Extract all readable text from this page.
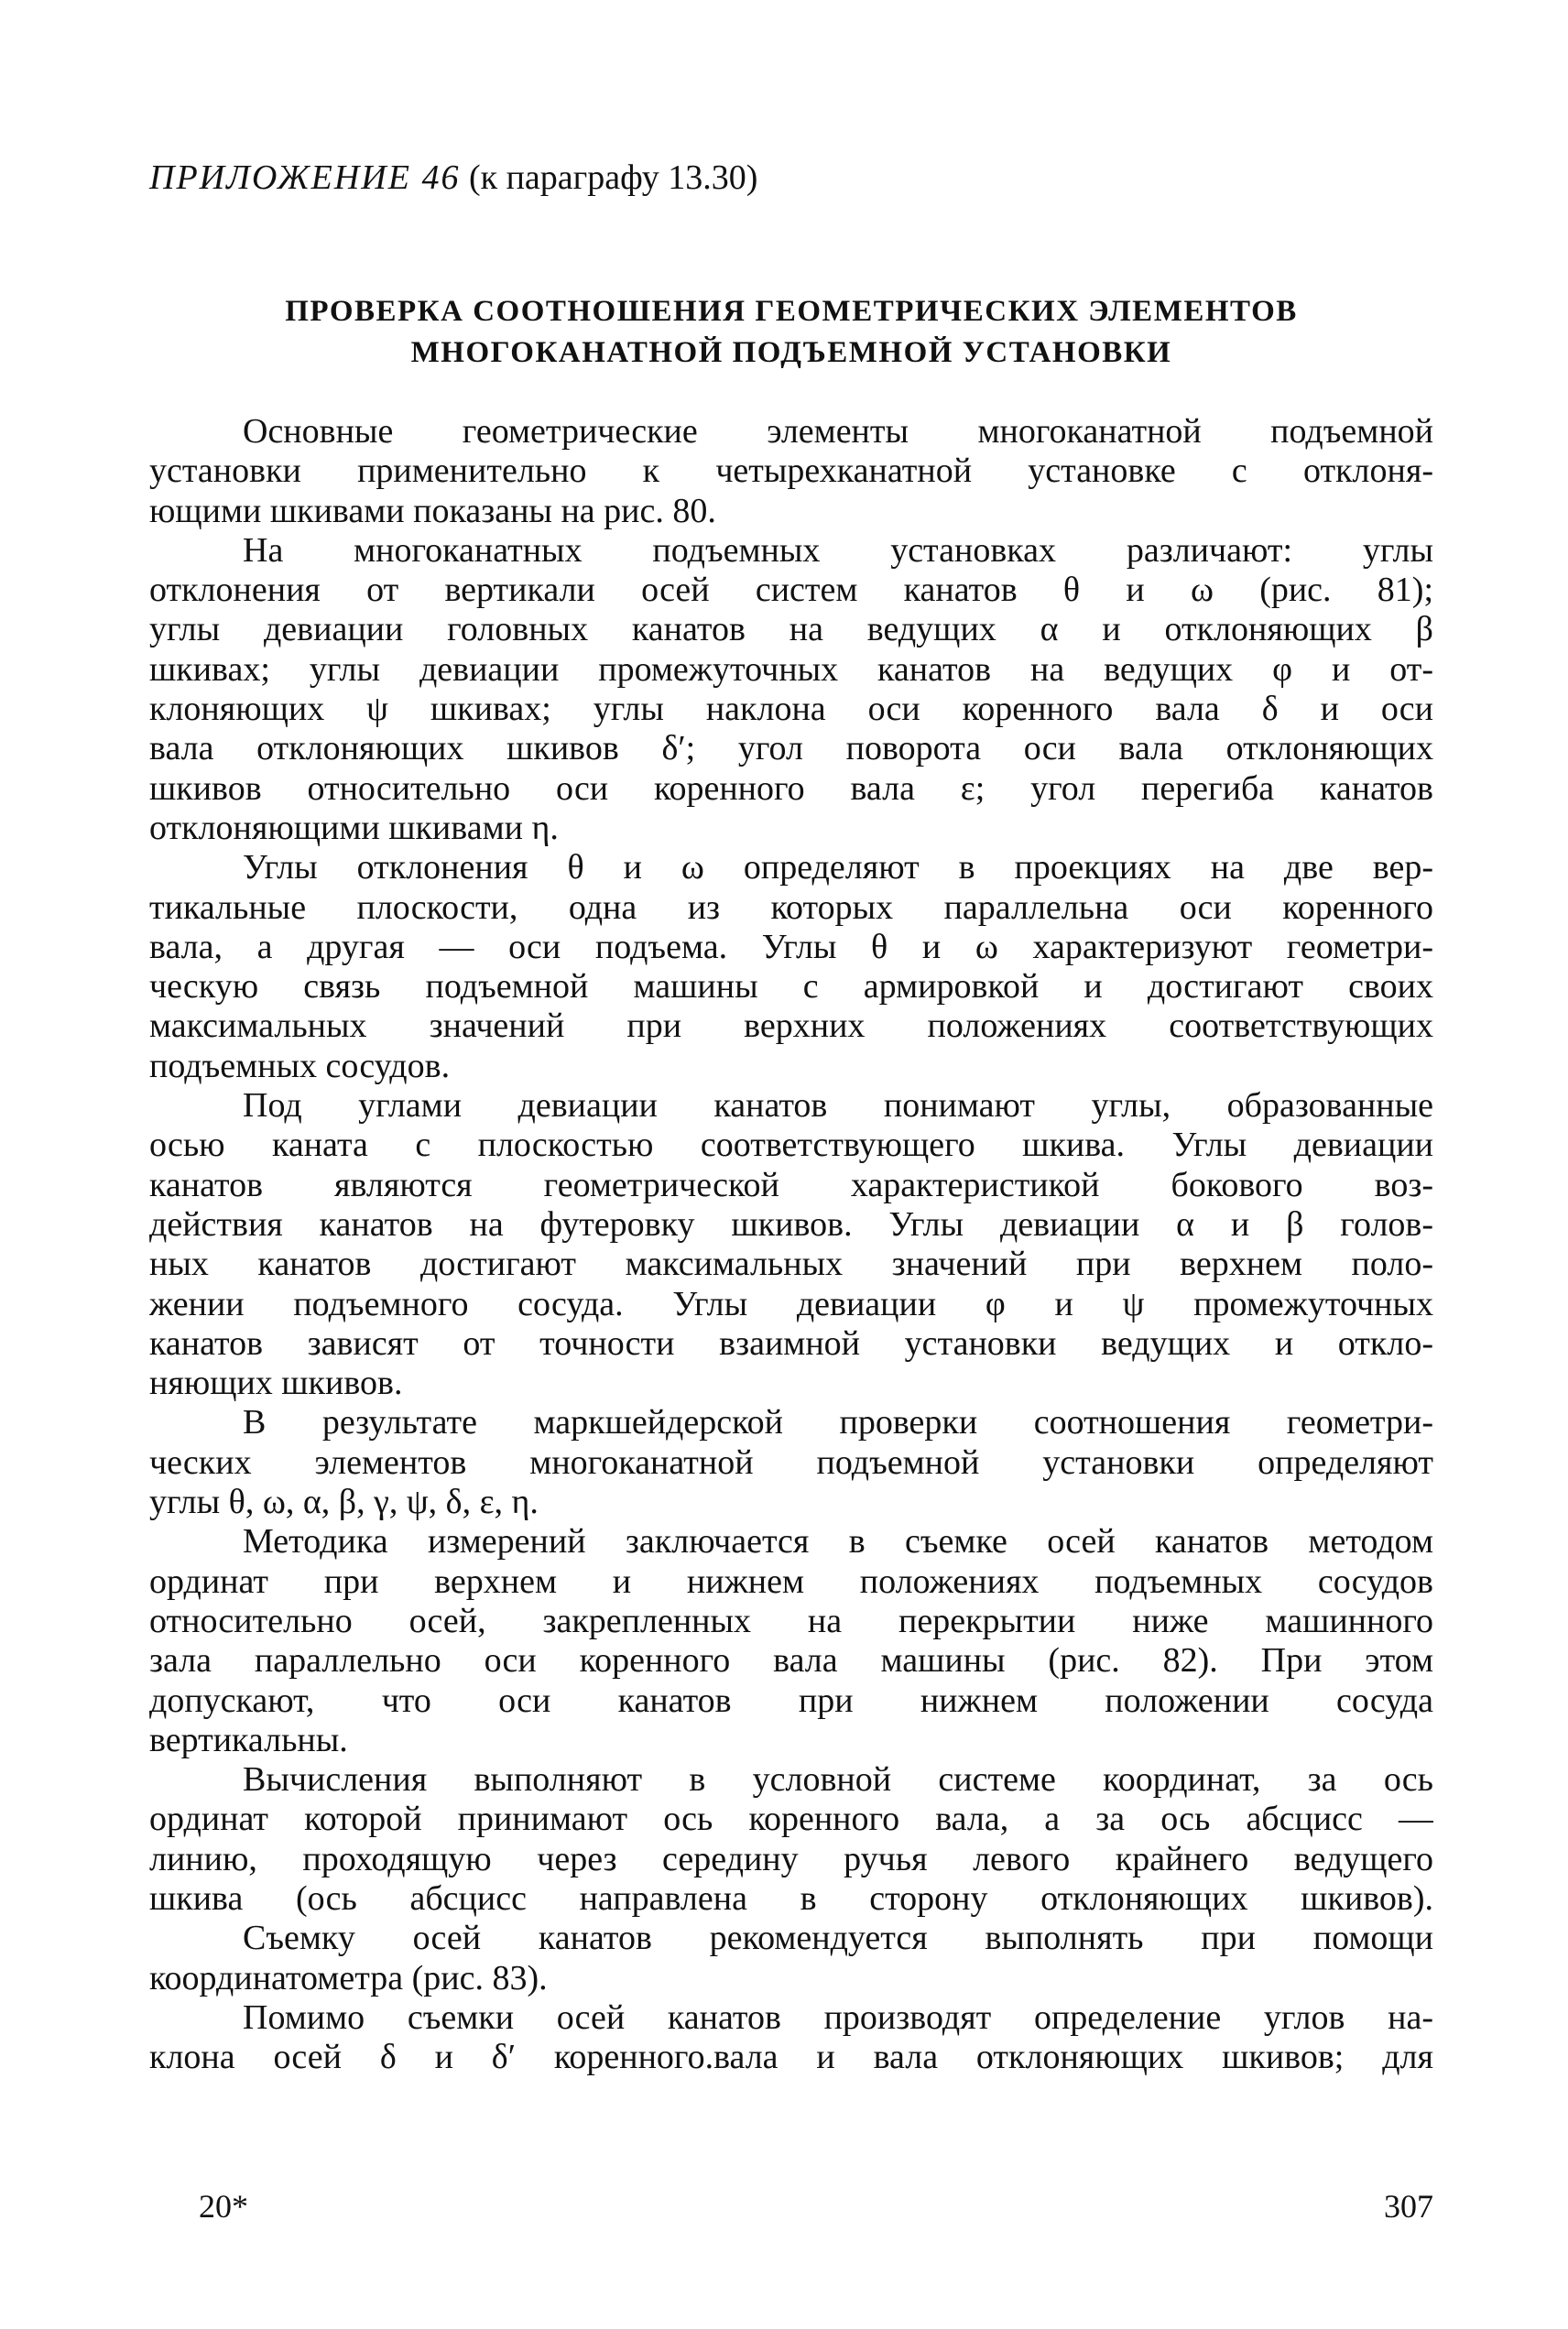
ПРИЛОЖЕНИЕ 46 (к параграфу 13.30)
ПРОВЕРКА СООТНОШЕНИЯ ГЕОМЕТРИЧЕСКИХ ЭЛЕМЕНТОВ
МНОГОКАНАТНОЙ ПОДЪЕМНОЙ УСТАНОВКИ
Основные геометрические элементы многоканатной подъемной
установки применительно к четырехканатной установке с отклоня-
ющими шкивами показаны на рис. 80.
На многоканатных подъемных установках различают: углы
отклонения от вертикали осей систем канатов θ и ω (рис. 81);
углы девиации головных канатов на ведущих α и отклоняющих β
шкивах; углы девиации промежуточных канатов на ведущих φ и от-
клоняющих ψ шкивах; углы наклона оси коренного вала δ и оси
вала отклоняющих шкивов δ′; угол поворота оси вала отклоняющих
шкивов относительно оси коренного вала ε; угол перегиба канатов
отклоняющими шкивами η.
Углы отклонения θ и ω определяют в проекциях на две вер-
тикальные плоскости, одна из которых параллельна оси коренного
вала, а другая — оси подъема. Углы θ и ω характеризуют геометри-
ческую связь подъемной машины с армировкой и достигают своих
максимальных значений при верхних положениях соответствующих
подъемных сосудов.
Под углами девиации канатов понимают углы, образованные
осью каната с плоскостью соответствующего шкива. Углы девиации
канатов являются геометрической характеристикой бокового воз-
действия канатов на футеровку шкивов. Углы девиации α и β голов-
ных канатов достигают максимальных значений при верхнем поло-
жении подъемного сосуда. Углы девиации φ и ψ промежуточных
канатов зависят от точности взаимной установки ведущих и откло-
няющих шкивов.
В результате маркшейдерской проверки соотношения геометри-
ческих элементов многоканатной подъемной установки определяют
углы θ, ω, α, β, γ, ψ, δ, ε, η.
Методика измерений заключается в съемке осей канатов методом
ординат при верхнем и нижнем положениях подъемных сосудов
относительно осей, закрепленных на перекрытии ниже машинного
зала параллельно оси коренного вала машины (рис. 82). При этом
допускают, что оси канатов при нижнем положении сосуда
вертикальны.
Вычисления выполняют в условной системе координат, за ось
ординат которой принимают ось коренного вала, а за ось абсцисс —
линию, проходящую через середину ручья левого крайнего ведущего
шкива (ось абсцисс направлена в сторону отклоняющих шкивов).
Съемку осей канатов рекомендуется выполнять при помощи
координатометра (рис. 83).
Помимо съемки осей канатов производят определение углов на-
клона осей δ и δ′ коренного.вала и вала отклоняющих шкивов; для
20*	307
